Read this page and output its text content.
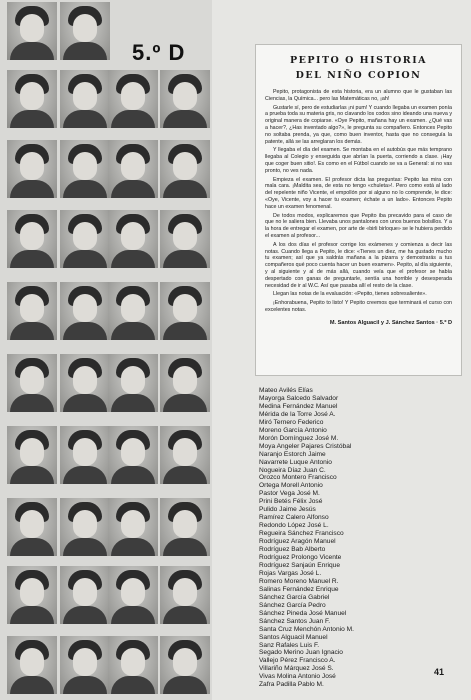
5.º D	PEPITO O HISTORIA
DEL NIÑO COPION

Pepito, protagonista de esta historia, era un alumno que le gustaban las Ciencias, la Química... pero las Matemáticas no, ¡ah!

Gustarle sí, pero de estudiarlas ¡ni pum! Y cuando llegaba un examen ponía a prueba toda su materia gris, no clavando los codos sino ideando una nueva y original manera de copiarse. «Oye Pepito, mañana hay un examen. ¿Qué vas a hacer?, ¿Has inventado algo?», le pregunta su compañero. Entonces Pepito no soltaba prenda, ya que, como buen inventor, hasta que no conseguía la patente, allá se las arreglaran los demás.

Y llegaba el día del examen. Se montaba en el autobús que más temprano llegaba al Colegio y enseguida que abrían la puerta, corriendo a clase. ¡Hay que coger buen sitio!. Es como en el Fútbol cuando se va a General: si no vas pronto, no ves nada.

Empieza el examen. El profesor dicta las preguntas: Pepito las mira con mala cara. ¡Maldita sea, de esta no tengo «chuleta»!. Pero como está al lado del repelente niño Vicente, el empollón por si alguno no lo comprende, le dice: «Oye, Vicente, voy a hacer tu examen; échate a un lado». Entonces Pepito hace un examen fenomenal.

De todos modos, explicaremos que Pepito iba precavido para el caso de que no le saliera bien. Llevaba unos pantalones con unos buenos bolsillos. Y a la hora de entregar el examen, por arte de «birli birloque» se le hubiera perdido el examen al profesor...

A los dos días el profesor corrige los exámenes y comienza a decir las notas. Cuando llega a Pepito, le dice: «Tienes un diez, me ha gustado mucho tu examen; así que ya saldrás mañana a la pizarra y demostrarás a tus compañeros qué poco cuenta hacer un buen examen». Pepito, al día siguiente, y al siguiente y al de más allá, cuando veía que el profesor se había despertado con ganas de preguntarle, sentía una horrible y desesperada necesidad de ir al W.C. Así que pasaba allí el resto de la clase.

Llegan las notas de la evaluación: «Pepito, tienes sobresaliente».

¡Enhorabuena, Pepito to listo! Y Pepito creemos que terminará el curso con excelentes notas.

M. Santos Alguacil y J. Sánchez Santos · 5.º D
Mateo Avilés Elías
Mayorga Salcedo Salvador
Medina Fernández Manuel
Mérida de la Torre José A.
Miró Ternero Federico
Moreno García Antonio
Morón Domínguez José M.
Moya Angeler Pajares Cristóbal
Naranjo Estorch Jaime
Navarrete Luque Antonio
Nogueira Díaz Juan C.
Orozco Montero Francisco
Ortega Morell Antonio
Pastor Vega José M.
Prini Betés Félix José
Pulido Jaime Jesús
Ramírez Calero Alfonso
Redondo López José L.
Regueira Sánchez Francisco
Rodríguez Aragón Manuel
Rodríguez Bab Alberto
Rodríguez Prolongo Vicente
Rodríguez Sanjaún Enrique
Rojas Vargas José L.
Romero Moreno Manuel R.
Salinas Fernández Enrique
Sánchez García Gabriel
Sánchez García Pedro
Sánchez Pineda José Manuel
Sánchez Santos Juan F.
Santa Cruz Menchón Antonio M.
Santos Alguacil Manuel
Sanz Rafales Luis F.
Segado Merino Juan Ignacio
Vallejo Pérez Francisco A.
Villariño Márquez José S.
Vivas Molina Antonio José
Zafra Padilla Pablo M.
41
